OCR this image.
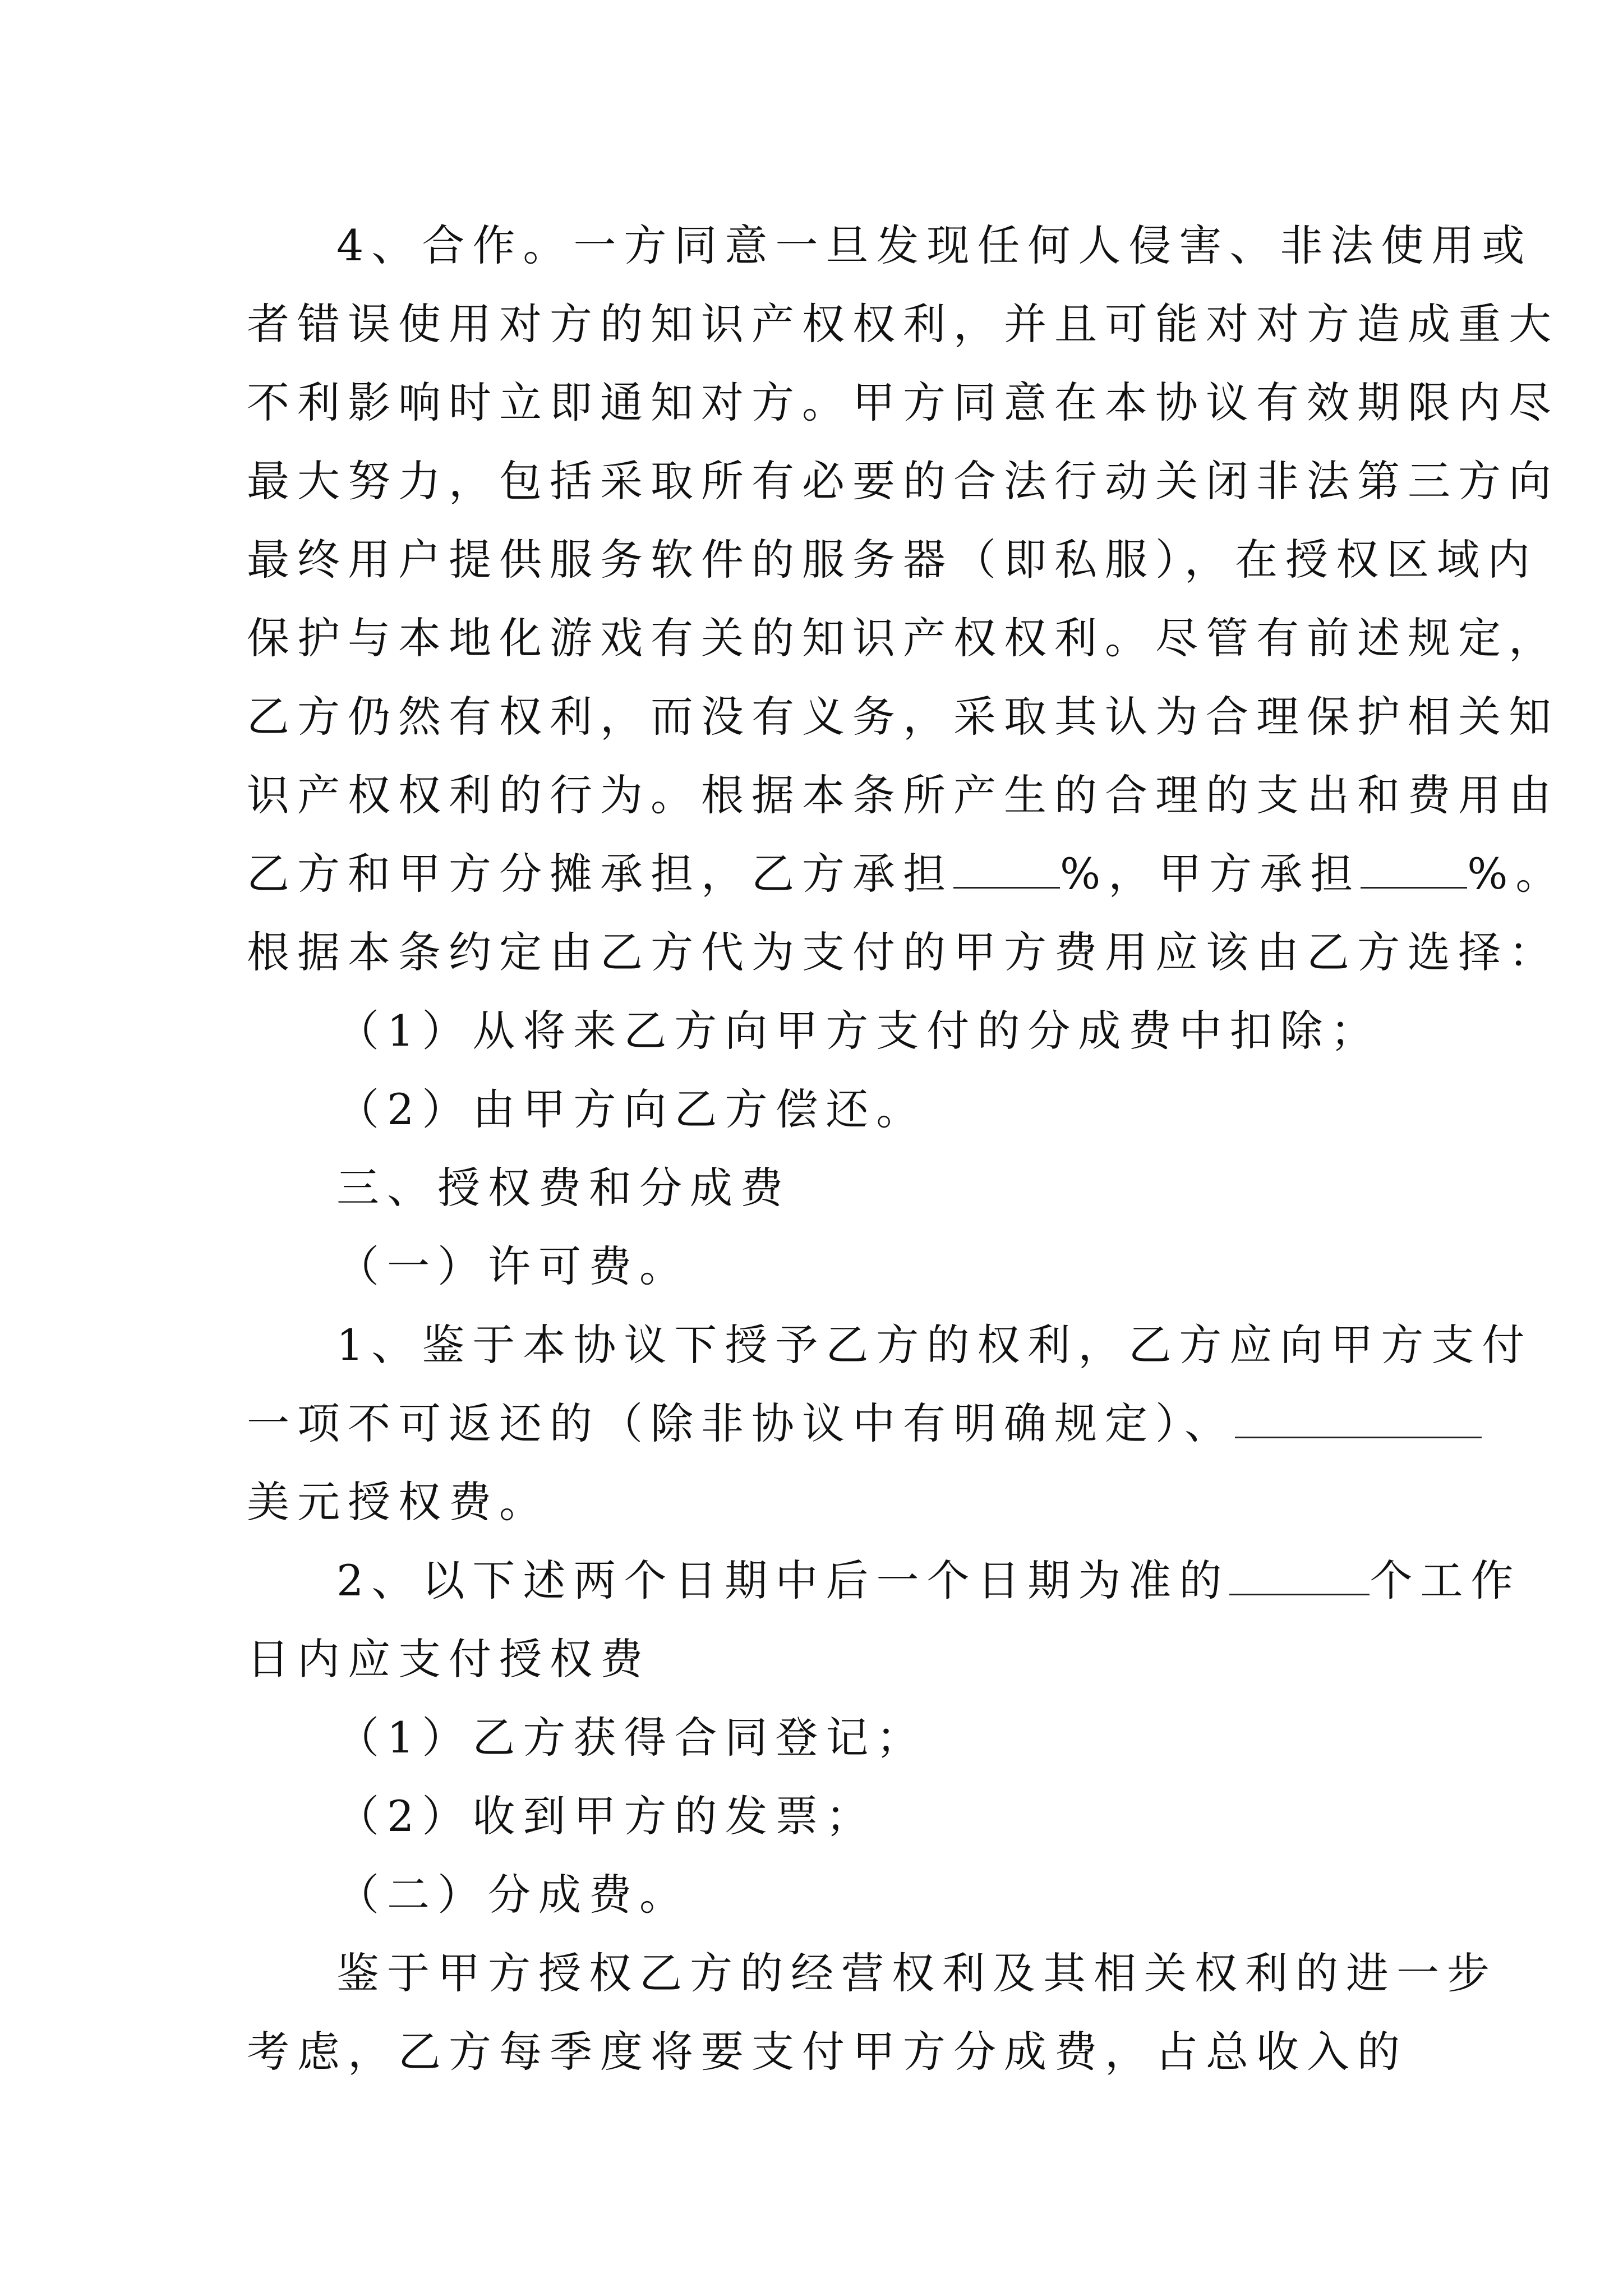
4、合作。一方同意一旦发现任何人侵害、非法使用或
者错误使用对方的知识产权权利，并且可能对对方造成重大
不利影响时立即通知对方。甲方同意在本协议有效期限内尽
最大努力，包括采取所有必要的合法行动关闭非法第三方向
最终用户提供服务软件的服务器（即私服），在授权区域内
保护与本地化游戏有关的知识产权权利。尽管有前述规定，
乙方仍然有权利，而没有义务，采取其认为合理保护相关知
识产权权利的行为。根据本条所产生的合理的支出和费用由
乙方和甲方分摊承担，乙方承担	%，甲方承担	%。
根据本条约定由乙方代为支付的甲方费用应该由乙方选择：
（1）从将来乙方向甲方支付的分成费中扣除；
（2）由甲方向乙方偿还。
三、授权费和分成费
（一）许可费。
1、鉴于本协议下授予乙方的权利，乙方应向甲方支付
一项不可返还的（除非协议中有明确规定）、
美元授权费。
2、以下述两个日期中后一个日期为准的	个工作
日内应支付授权费
（1）乙方获得合同登记；
（2）收到甲方的发票；
（二）分成费。
鉴于甲方授权乙方的经营权利及其相关权利的进一步
考虑，乙方每季度将要支付甲方分成费，占总收入的
